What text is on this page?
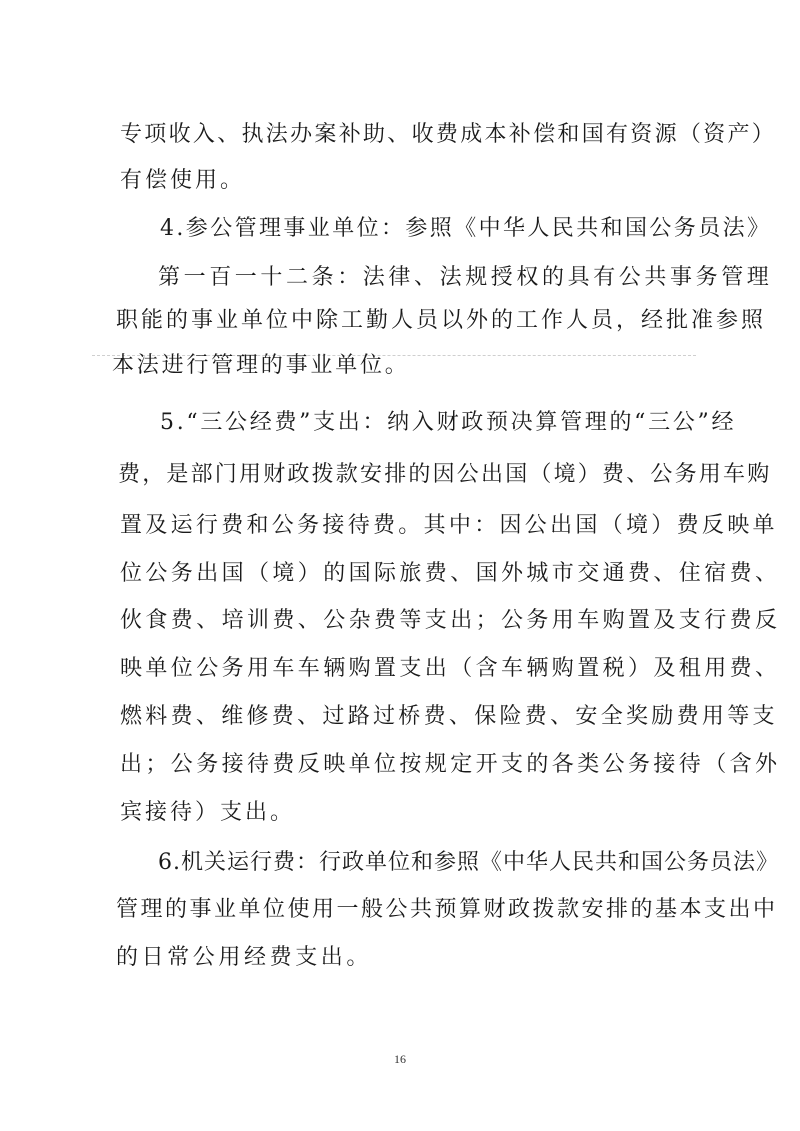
专项收入、执法办案补助、收费成本补偿和国有资源（资产）
有偿使用。
4.参公管理事业单位：参照《中华人民共和国公务员法》
第一百一十二条：法律、法规授权的具有公共事务管理
职能的事业单位中除工勤人员以外的工作人员，经批准参照
本法进行管理的事业单位。
5.“三公经费”支出：纳入财政预决算管理的“三公”经
费，是部门用财政拨款安排的因公出国（境）费、公务用车购
置及运行费和公务接待费。其中：因公出国（境）费反映单
位公务出国（境）的国际旅费、国外城市交通费、住宿费、
伙食费、培训费、公杂费等支出；公务用车购置及支行费反
映单位公务用车车辆购置支出（含车辆购置税）及租用费、
燃料费、维修费、过路过桥费、保险费、安全奖励费用等支
出；公务接待费反映单位按规定开支的各类公务接待（含外
宾接待）支出。
6.机关运行费：行政单位和参照《中华人民共和国公务员法》
管理的事业单位使用一般公共预算财政拨款安排的基本支出中
的日常公用经费支出。
16
